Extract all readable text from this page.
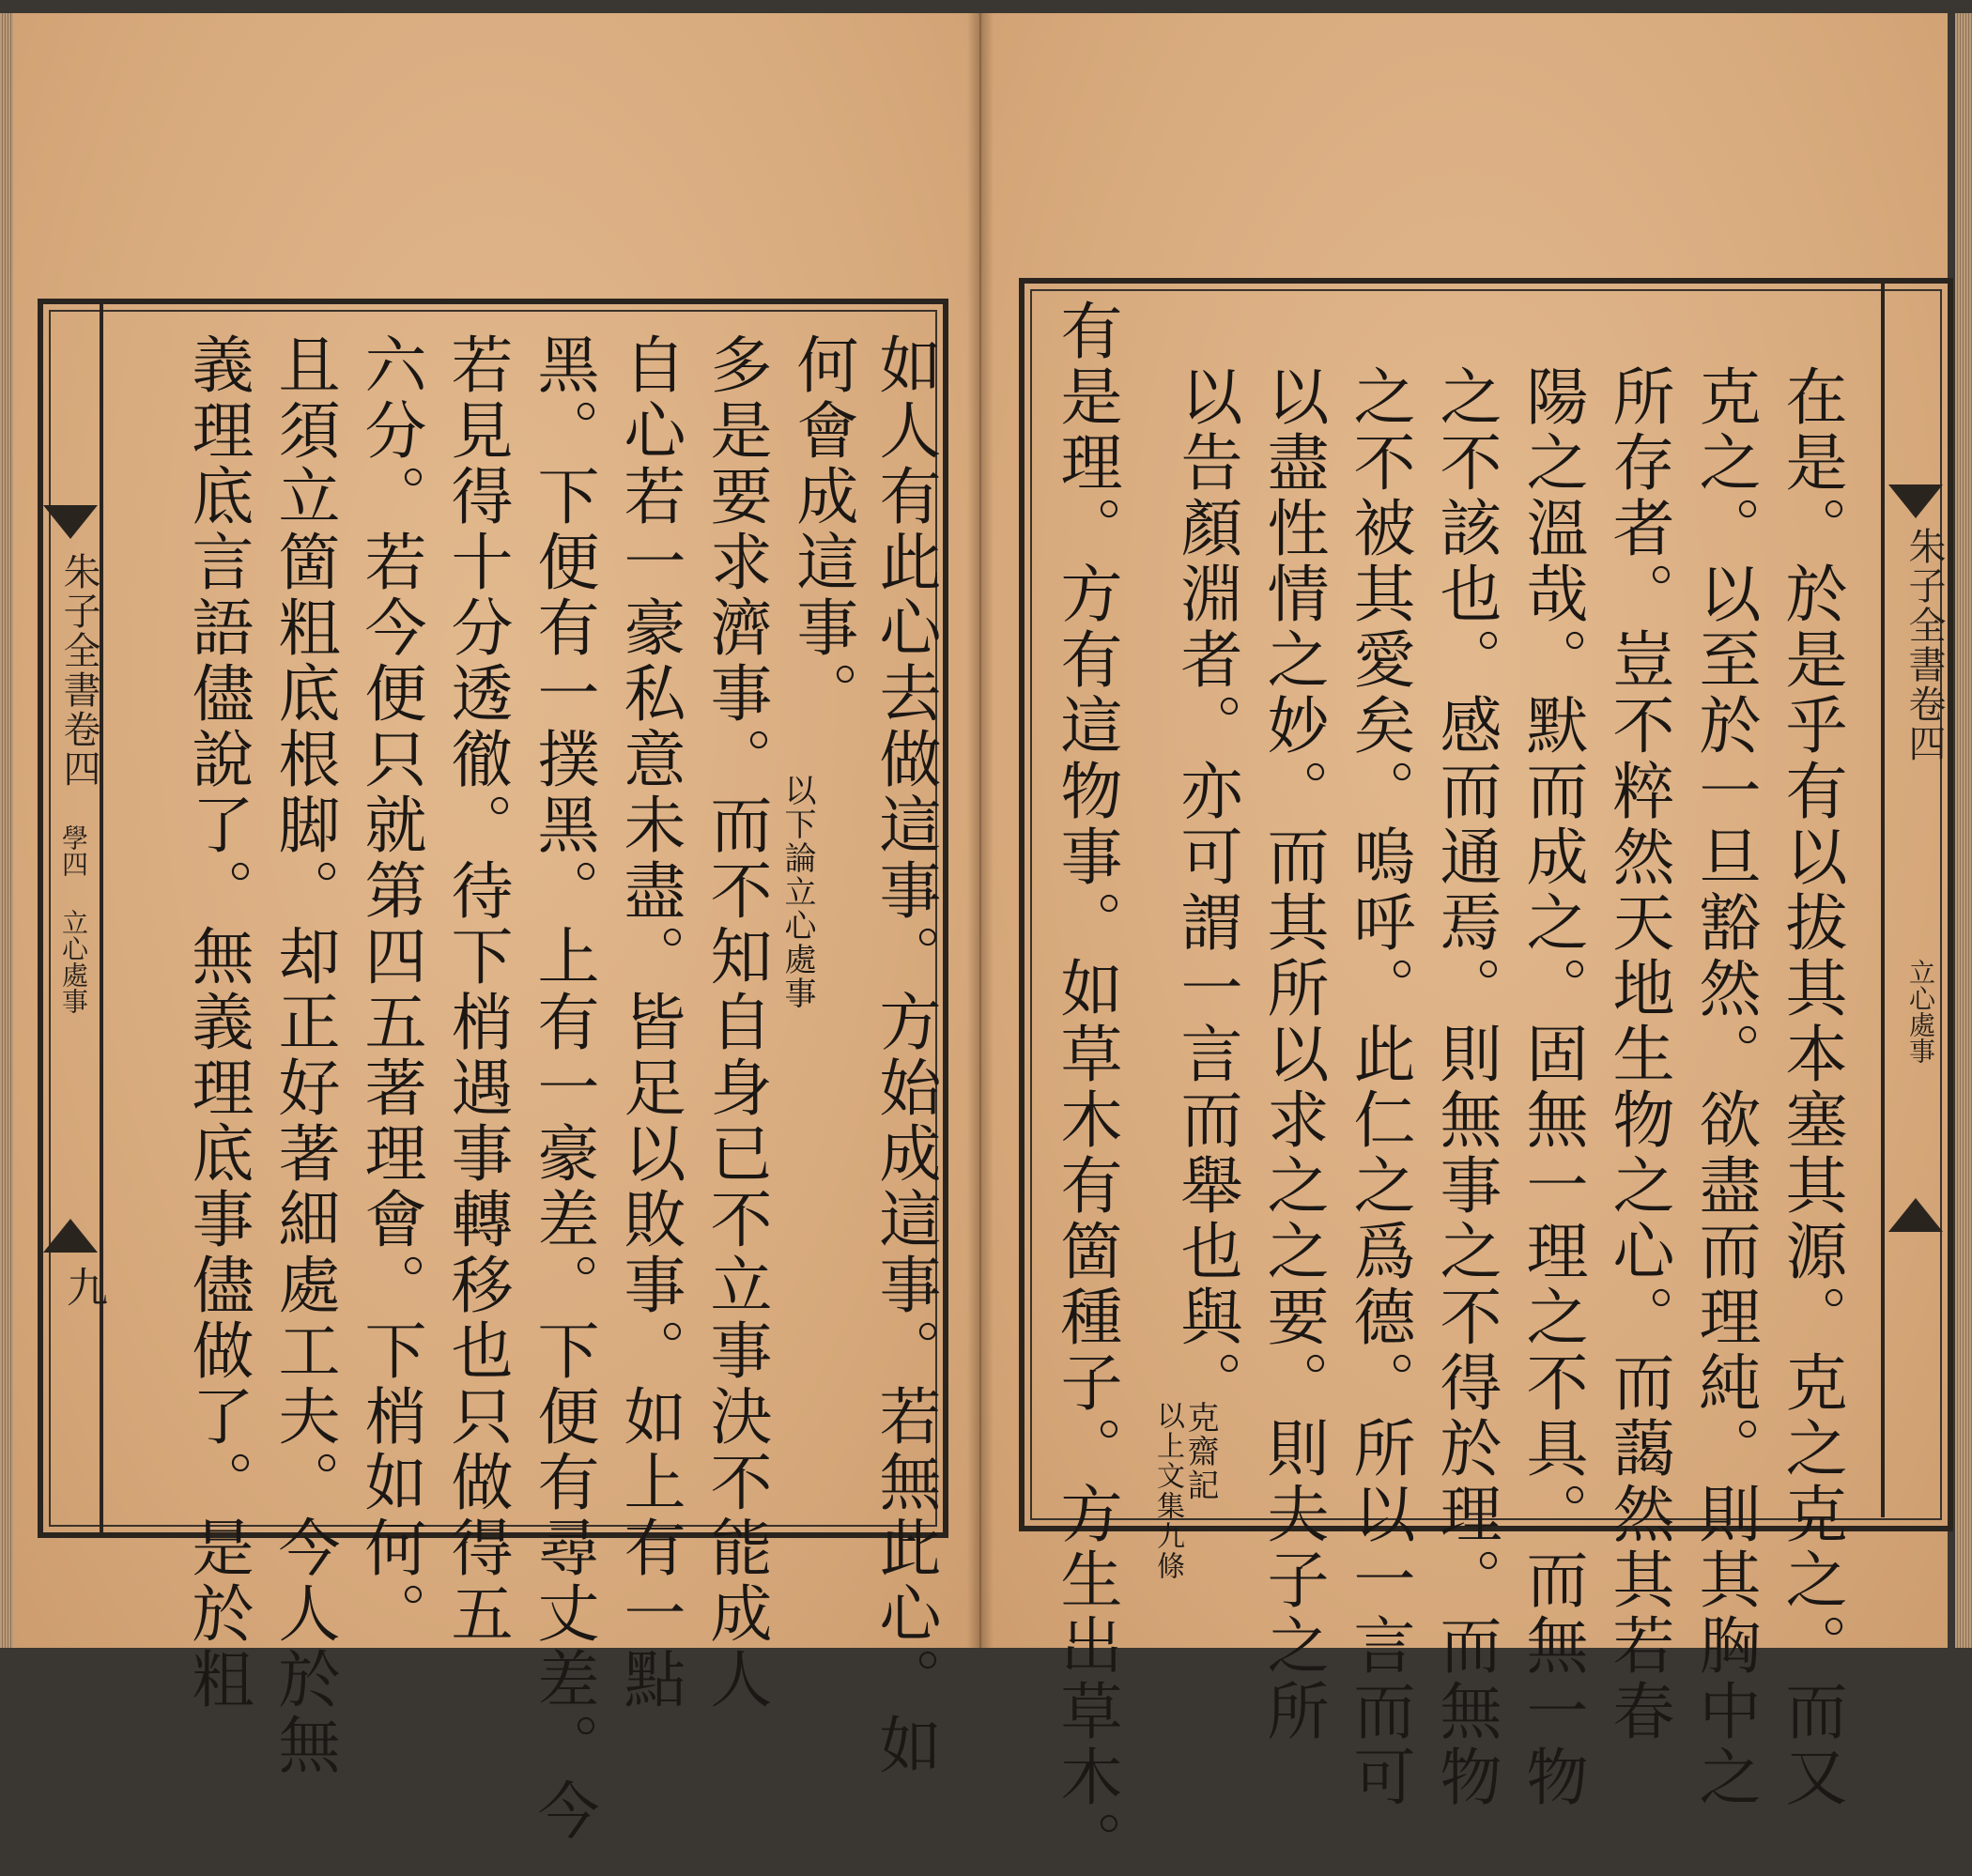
如人有此心去做這事。方始成這事。若無此心。如
何會成這事。
以下論立心處事
多是要求濟事。而不知自身已不立事決不能成人
自心若一豪私意未盡。皆足以敗事。如上有一點
黑。下便有一撲黑。上有一豪差。下便有尋丈差。今
若見得十分透徹。待下梢遇事轉移也只做得五
六分。若今便只就第四五著理會。下梢如何。
且須立箇粗底根脚。却正好著細處工夫。今人於無
義理底言語儘說了。無義理底事儘做了。是於粗
朱子全書卷四
學四
立心處事
九	在是。於是乎有以拔其本塞其源。克之克之。而又
克之。以至於一旦豁然。欲盡而理純。則其胸中之
所存者。豈不粹然天地生物之心。而藹然其若春
陽之溫哉。默而成之。固無一理之不具。而無一物
之不該也。感而通焉。則無事之不得於理。而無物
之不被其愛矣。嗚呼。此仁之爲德。所以一言而可
以盡性情之妙。而其所以求之之要。則夫子之所
以告顏淵者。亦可謂一言而舉也與。
克齋記
以上文集九條
有是理。方有這物事。如草木有箇種子。方生出草木。	朱子全書卷四
立心處事
